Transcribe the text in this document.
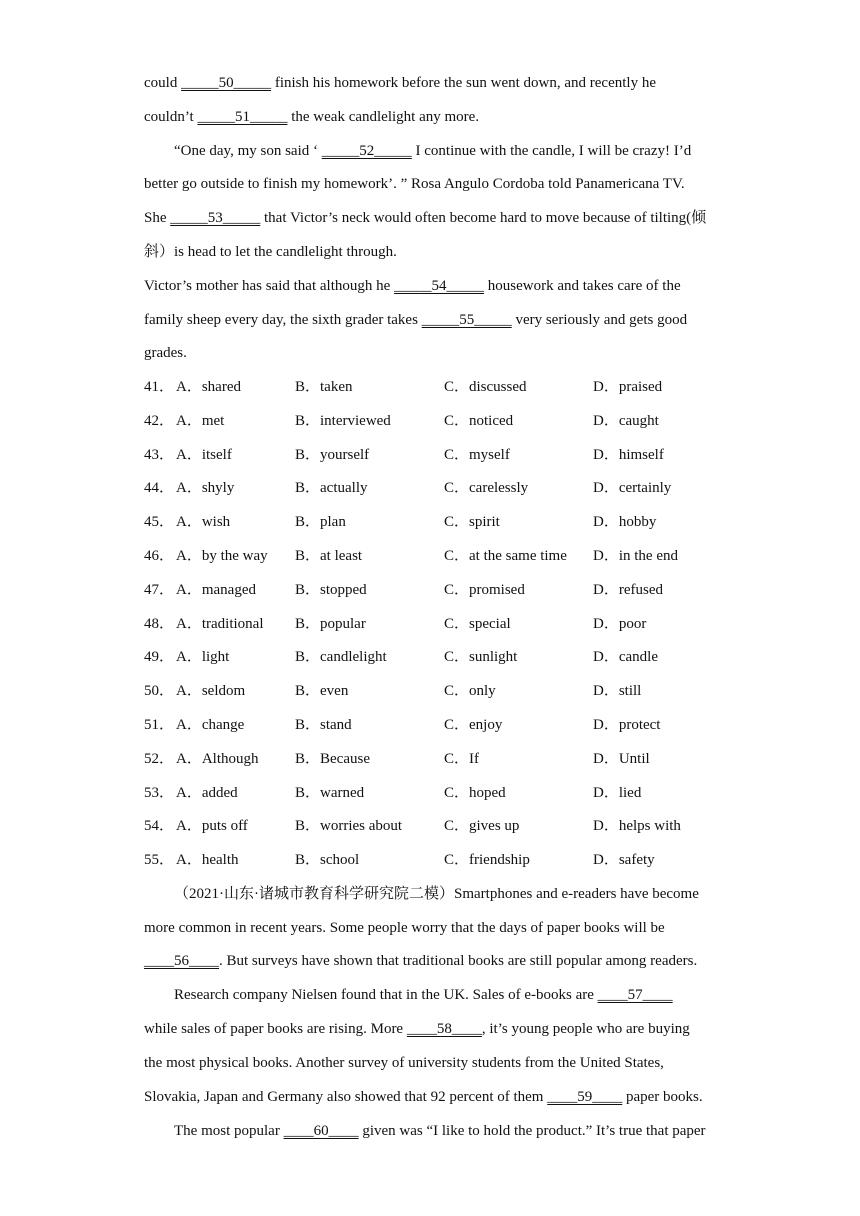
could _____50_____ finish his homework before the sun went down, and recently he
couldn’t _____51_____ the weak candlelight any more.
“One day, my son said ‘ _____52_____ I continue with the candle, I will be crazy! I’d
better go outside to finish my homework’. ” Rosa Angulo Cordoba told Panamericana TV.
She _____53_____ that Victor’s neck would often become hard to move because of tilting(倾
斜）is head to let the candlelight through.
Victor’s mother has said that although he _____54_____ housework and takes care of the
family sheep every day, the sixth grader takes _____55_____ very seriously and gets good
grades.
41． A．shared	B．taken	C．discussed	D．praised
42． A．met	B．interviewed	C．noticed	D．caught
43． A．itself	B．yourself	C．myself	D．himself
44． A．shyly	B．actually	C．carelessly	D．certainly
45． A．wish	B．plan	C．spirit	D．hobby
46． A．by the way B．at least	C．at the same time D．in the end
47． A．managed	B．stopped	C．promised	D．refused
48． A．traditional B．popular	C．special	D．poor
49． A．light	B．candlelight	C．sunlight	D．candle
50． A．seldom	B．even	C．only	D．still
51． A．change	B．stand	C．enjoy	D．protect
52． A．Although B．Because	C．If	D．Until
53． A．added	B．warned	C．hoped	D．lied
54． A．puts off	B．worries about	C．gives up	D．helps with
55． A．health	B．school	C．friendship	D．safety
（2021·山东·诸城市教育科学研究院二模）Smartphones and e-readers have become
more common in recent years. Some people worry that the days of paper books will be
____56____. But surveys have shown that traditional books are still popular among readers.
Research company Nielsen found that in the UK. Sales of e-books are ____57____
while sales of paper books are rising. More ____58____, it’s young people who are buying
the most physical books. Another survey of university students from the United States,
Slovakia, Japan and Germany also showed that 92 percent of them ____59____ paper books.
The most popular ____60____ given was “I like to hold the product.” It’s true that paper
